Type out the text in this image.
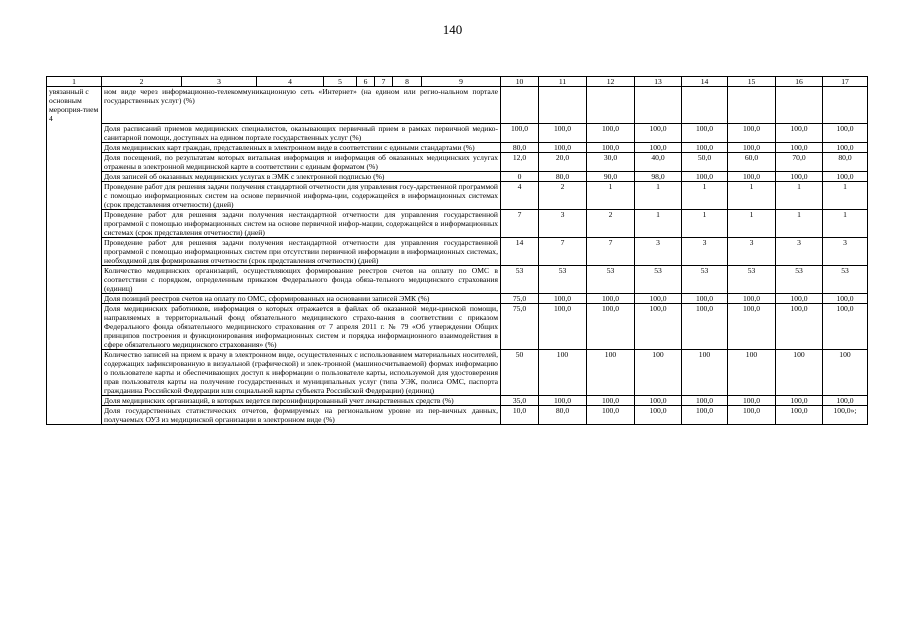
140
1	2	3	4	5	6	7	8	9	10	11	12	13	14	15	16	17
увязанный с основным мероприя-тием 4	ном виде через информационно-телекоммуникационную сеть «Интернет» (на едином или регио-нальном портале государственных услуг) (%)															
	Доля расписаний приемов медицинских специалистов, оказывающих первичный прием в рамках первичной медико-санитарной помощи, доступных на едином портале государственных услуг (%)								100,0	100,0	100,0	100,0	100,0	100,0	100,0	100,0
	Доля медицинских карт граждан, представленных в электронном виде в соответствии с едиными стандартами (%)								80,0	100,0	100,0	100,0	100,0	100,0	100,0	100,0
	Доля посещений, по результатам которых витальная информация и информация об оказанных медицинских услугах отражены в электронной медицинской карте в соответствии с единым форматом (%)								12,0	20,0	30,0	40,0	50,0	60,0	70,0	80,0
	Доля записей об оказанных медицинских услугах в ЭМК с электронной подписью (%)								0	80,0	90,0	98,0	100,0	100,0	100,0	100,0
	Проведение работ для решения задачи получения стандартной отчетности для управления госу-дарственной программой с помощью информационных систем на основе первичной информа-ции, содержащейся в информационных системах (срок представления отчетности) (дней)								4	2	1	1	1	1	1	1
	Проведение работ для решения задачи получения нестандартной отчетности для управления государственной программой с помощью информационных систем на основе первичной инфор-мации, содержащейся в информационных системах (срок представления отчетности) (дней)								7	3	2	1	1	1	1	1
	Проведение работ для решения задачи получения нестандартной отчетности для управления государственной программой с помощью информационных систем при отсутствии первичной информации в информационных системах, необходимой для формирования отчетности (срок представления отчетности) (дней)								14	7	7	3	3	3	3	3
	Количество медицинских организаций, осуществляющих формирование реестров счетов на оплату по ОМС в соответствии с порядком, определенным приказом Федерального фонда обяза-тельного медицинского страхования (единиц)								53	53	53	53	53	53	53	53
	Доля позиций реестров счетов на оплату по ОМС, сформированных на основании записей ЭМК (%)								75,0	100,0	100,0	100,0	100,0	100,0	100,0	100,0
	Доля медицинских работников, информация о которых отражается в файлах об оказанной меди-цинской помощи, направляемых в территориальный фонд обязательного медицинского страхо-вания в соответствии с приказом Федерального фонда обязательного медицинского страхования от 7 апреля 2011 г. № 79 «Об утверждении Общих принципов построения и функционирования информационных систем и порядка информационного взаимодействия в сфере обязательного медицинского страхования» (%)								75,0	100,0	100,0	100,0	100,0	100,0	100,0	100,0
	Количество записей на прием к врачу в электронном виде, осуществленных с использованием материальных носителей, содержащих зафиксированную в визуальной (графической) и элек-тронной (машиносчитываемой) формах информацию о пользователе карты и обеспечивающих доступ к информации о пользователе карты, используемой для удостоверения прав пользователя карты на получение государственных и муниципальных услуг (типа УЭК, полиса ОМС, паспорта гражданина Российской Федерации или социальной карты субъекта Российской Федерации) (единиц)								50	100	100	100	100	100	100	100
	Доля медицинских организаций, в которых ведется персонифицированный учет лекарственных средств (%)								35,0	100,0	100,0	100,0	100,0	100,0	100,0	100,0
	Доля государственных статистических отчетов, формируемых на региональном уровне из пер-вичных данных, получаемых ОУЗ из медицинской организации в электронном виде (%)								10,0	80,0	100,0	100,0	100,0	100,0	100,0	100,0»;
